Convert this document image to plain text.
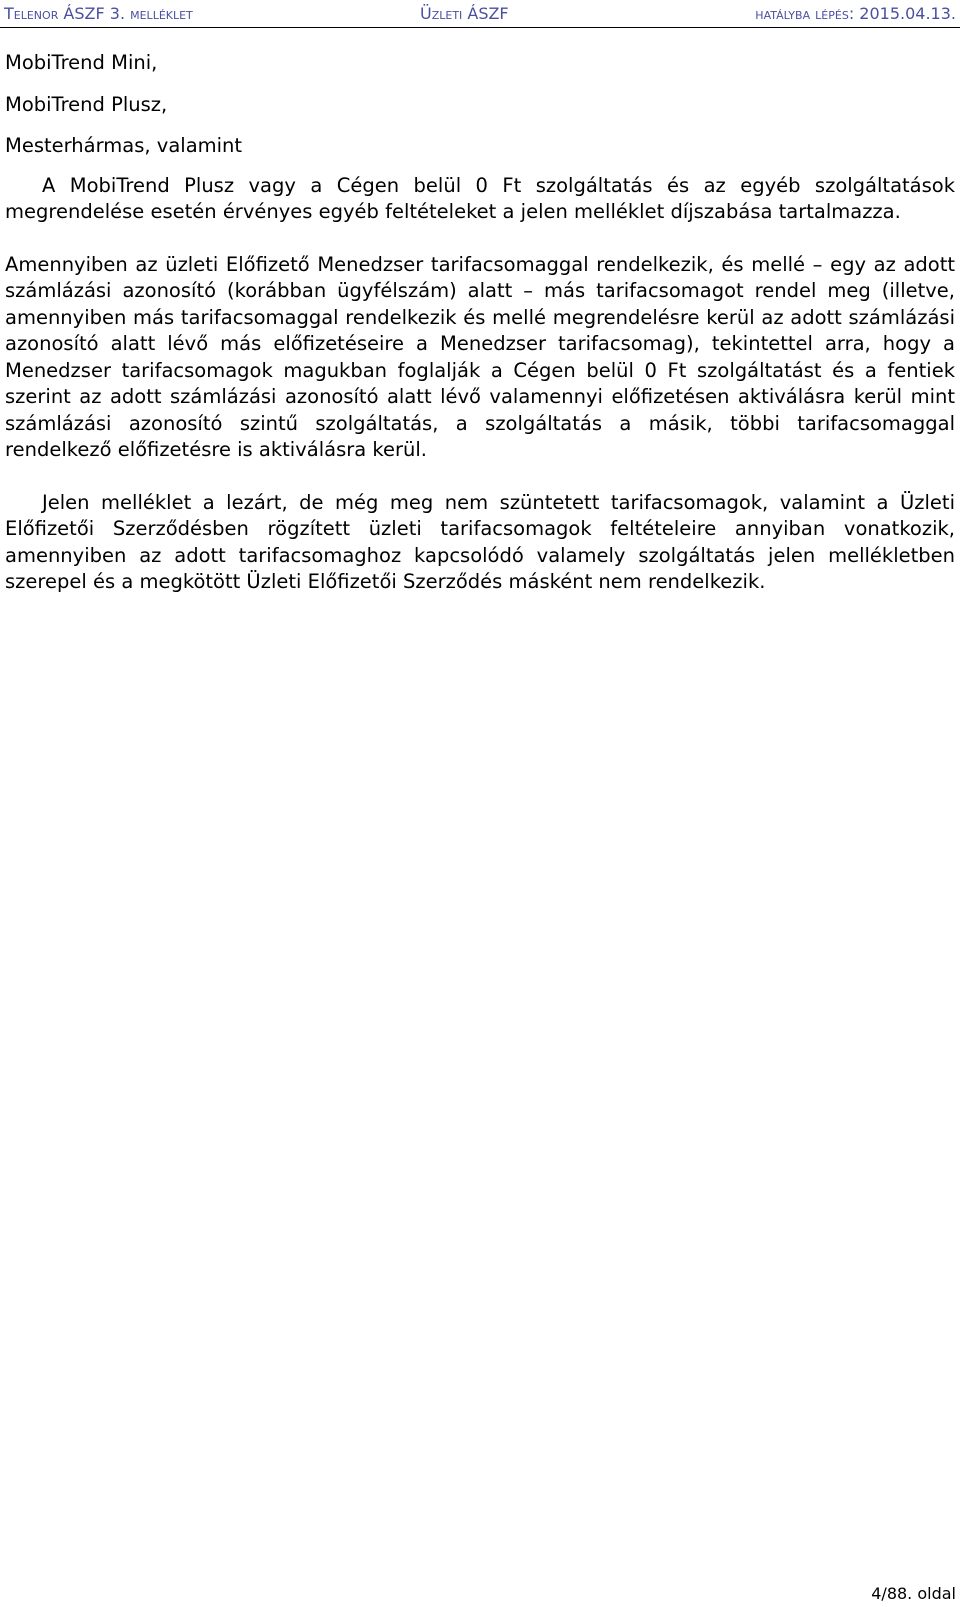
Telenor ÁSZF 3. melléklet	Üzleti ÁSZF	hatályba lépés: 2015.04.13.
MobiTrend Mini,
MobiTrend Plusz,
Mesterhármas, valamint

A MobiTrend Plusz vagy a Cégen belül 0 Ft szolgáltatás és az egyéb szolgáltatások megrendelése esetén érvényes egyéb feltételeket a jelen melléklet díjszabása tartalmazza.

Amennyiben az üzleti Előfizető Menedzser tarifacsomaggal rendelkezik, és mellé – egy az adott számlázási azonosító (korábban ügyfélszám) alatt – más tarifacsomagot rendel meg (illetve, amennyiben más tarifacsomaggal rendelkezik és mellé megrendelésre kerül az adott számlázási azonosító alatt lévő más előfizetéseire a Menedzser tarifacsomag), tekintettel arra, hogy a Menedzser tarifacsomagok magukban foglalják a Cégen belül 0 Ft szolgáltatást és a fentiek szerint az adott számlázási azonosító alatt lévő valamennyi előfizetésen aktiválásra kerül mint számlázási azonosító szintű szolgáltatás, a szolgáltatás a másik, többi tarifacsomaggal rendelkező előfizetésre is aktiválásra kerül.

Jelen melléklet a lezárt, de még meg nem szüntetett tarifacsomagok, valamint a Üzleti Előfizetői Szerződésben rögzített üzleti tarifacsomagok feltételeire annyiban vonatkozik, amennyiben az adott tarifacsomaghoz kapcsolódó valamely szolgáltatás jelen mellékletben szerepel és a megkötött Üzleti Előfizetői Szerződés másként nem rendelkezik.

4/88. oldal
